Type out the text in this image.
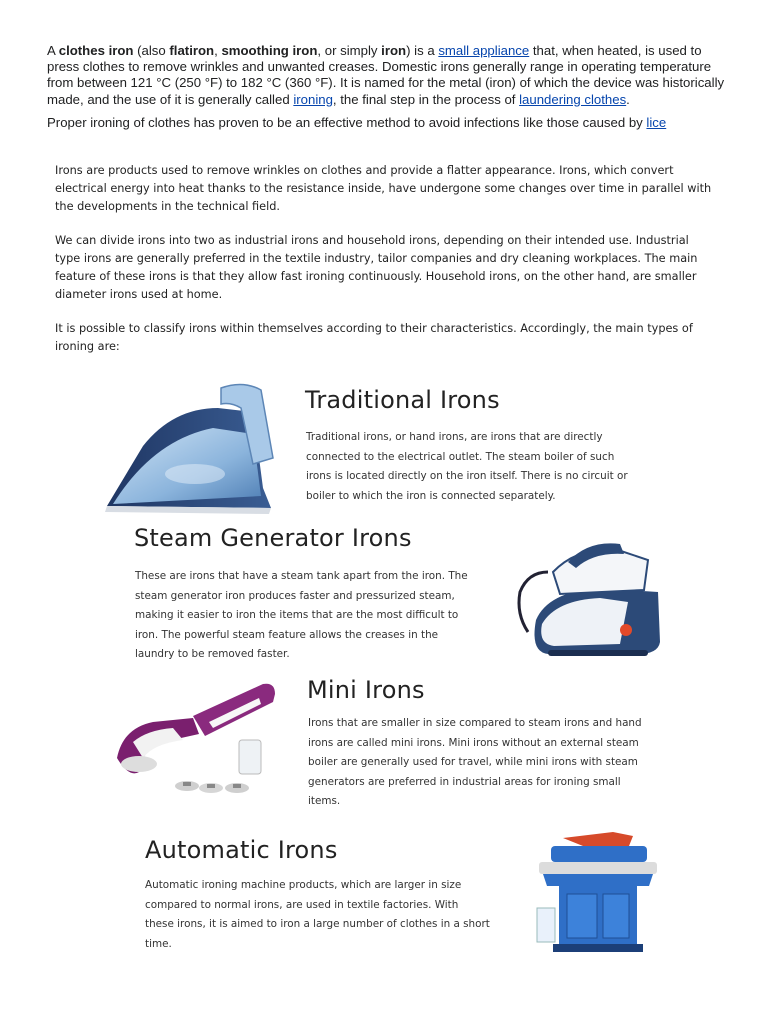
A clothes iron (also flatiron, smoothing iron, or simply iron) is a small appliance that, when heated, is used to press clothes to remove wrinkles and unwanted creases. Domestic irons generally range in operating temperature from between 121 °C (250 °F) to 182 °C (360 °F). It is named for the metal (iron) of which the device was historically made, and the use of it is generally called ironing, the final step in the process of laundering clothes.

Proper ironing of clothes has proven to be an effective method to avoid infections like those caused by lice

Irons are products used to remove wrinkles on clothes and provide a flatter appearance. Irons, which convert electrical energy into heat thanks to the resistance inside, have undergone some changes over time in parallel with the developments in the technical field.

We can divide irons into two as industrial irons and household irons, depending on their intended use. Industrial type irons are generally preferred in the textile industry, tailor companies and dry cleaning workplaces. The main feature of these irons is that they allow fast ironing continuously. Household irons, on the other hand, are smaller diameter irons used at home.

It is possible to classify irons within themselves according to their characteristics. Accordingly, the main types of ironing are:

Traditional Irons

Traditional irons, or hand irons, are irons that are directly connected to the electrical outlet. The steam boiler of such irons is located directly on the iron itself. There is no circuit or boiler to which the iron is connected separately.

Steam Generator Irons

These are irons that have a steam tank apart from the iron. The steam generator iron produces faster and pressurized steam, making it easier to iron the items that are the most difficult to iron. The powerful steam feature allows the creases in the laundry to be removed faster.

Mini Irons

Irons that are smaller in size compared to steam irons and hand irons are called mini irons. Mini irons without an external steam boiler are generally used for travel, while mini irons with steam generators are preferred in industrial areas for ironing small items.

Automatic Irons

Automatic ironing machine products, which are larger in size compared to normal irons, are used in textile factories. With these irons, it is aimed to iron a large number of clothes in a short time.
